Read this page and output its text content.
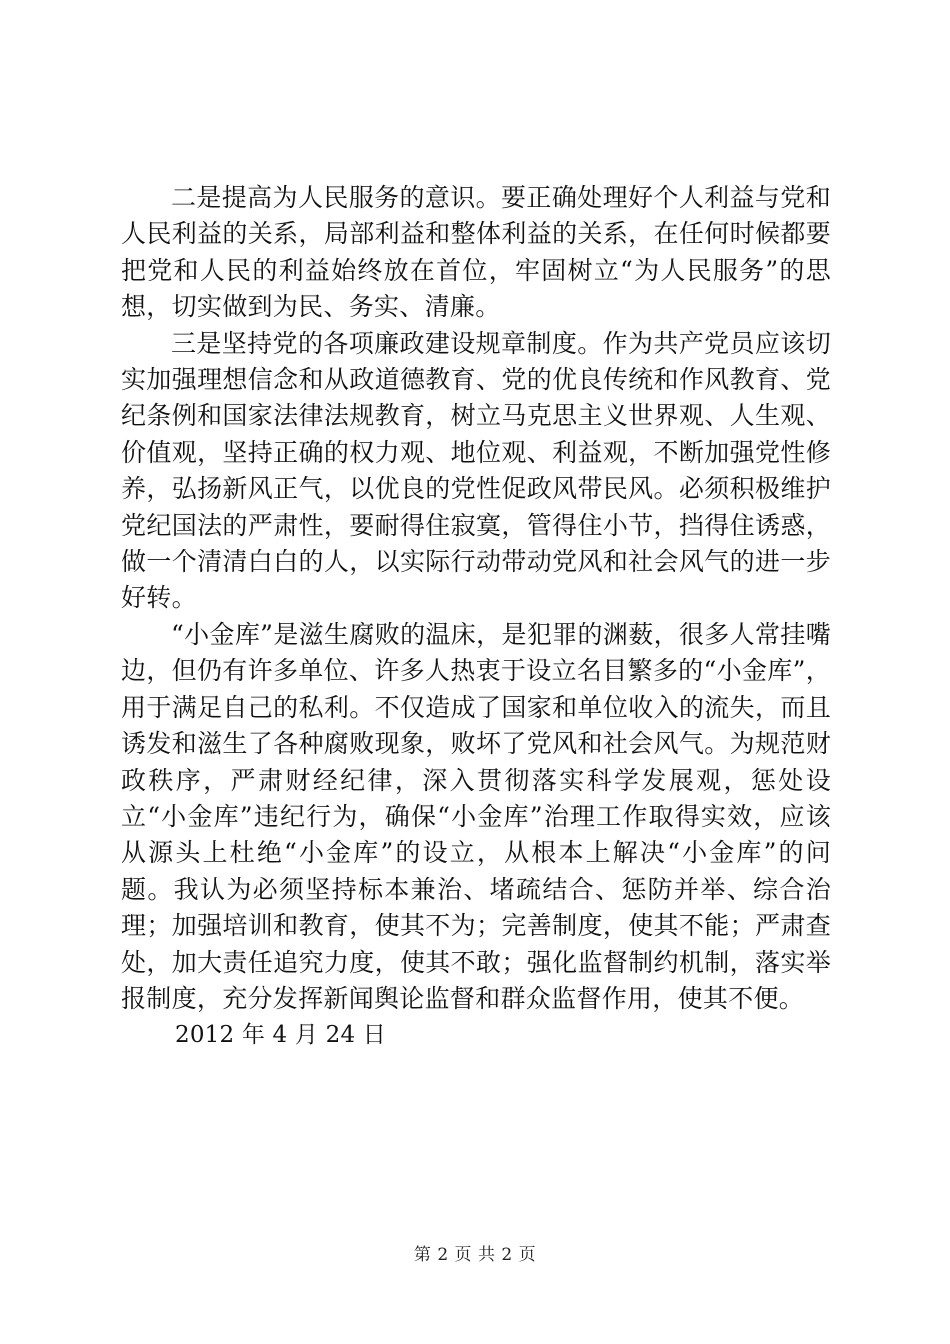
二是提高为人民服务的意识。要正确处理好个人利益与党和人民利益的关系，局部利益和整体利益的关系，在任何时候都要把党和人民的利益始终放在首位，牢固树立“为人民服务”的思想，切实做到为民、务实、清廉。

三是坚持党的各项廉政建设规章制度。作为共产党员应该切实加强理想信念和从政道德教育、党的优良传统和作风教育、党纪条例和国家法律法规教育，树立马克思主义世界观、人生观、价值观，坚持正确的权力观、地位观、利益观，不断加强党性修养，弘扬新风正气，以优良的党性促政风带民风。必须积极维护党纪国法的严肃性，要耐得住寂寞，管得住小节，挡得住诱惑，做一个清清白白的人，以实际行动带动党风和社会风气的进一步好转。

“小金库”是滋生腐败的温床，是犯罪的渊薮，很多人常挂嘴边，但仍有许多单位、许多人热衷于设立名目繁多的“小金库”，用于满足自己的私利。不仅造成了国家和单位收入的流失，而且诱发和滋生了各种腐败现象，败坏了党风和社会风气。为规范财政秩序，严肃财经纪律，深入贯彻落实科学发展观，惩处设立“小金库”违纪行为，确保“小金库”治理工作取得实效，应该从源头上杜绝“小金库”的设立，从根本上解决“小金库”的问题。我认为必须坚持标本兼治、堵疏结合、惩防并举、综合治理；加强培训和教育，使其不为；完善制度，使其不能；严肃查处，加大责任追究力度，使其不敢；强化监督制约机制，落实举报制度，充分发挥新闻舆论监督和群众监督作用，使其不便。

2012 年 4 月 24 日

第 2 页 共 2 页
